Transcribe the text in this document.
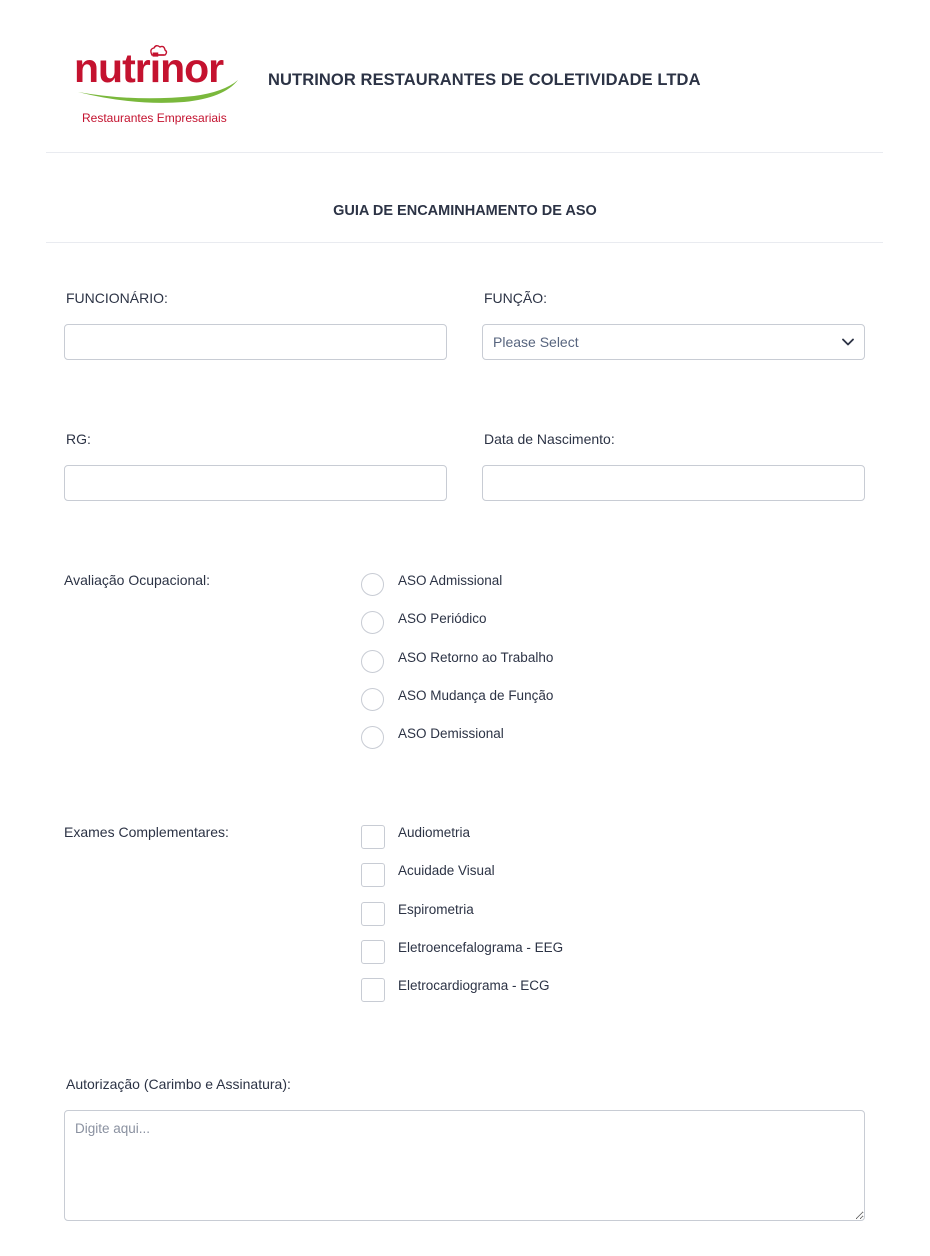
nutrinor
Restaurantes Empresariais
NUTRINOR RESTAURANTES DE COLETIVIDADE LTDA
GUIA DE ENCAMINHAMENTO DE ASO
FUNCIONÁRIO:	FUNÇÃO:
Please Select
RG:	Data de Nascimento:
Avaliação Ocupacional:	ASO Admissional
ASO Periódico
ASO Retorno ao Trabalho
ASO Mudança de Função
ASO Demissional
Exames Complementares:	Audiometria
Acuidade Visual
Espirometria
Eletroencefalograma - EEG
Eletrocardiograma - ECG
Autorização (Carimbo e Assinatura):
Digite aqui...
